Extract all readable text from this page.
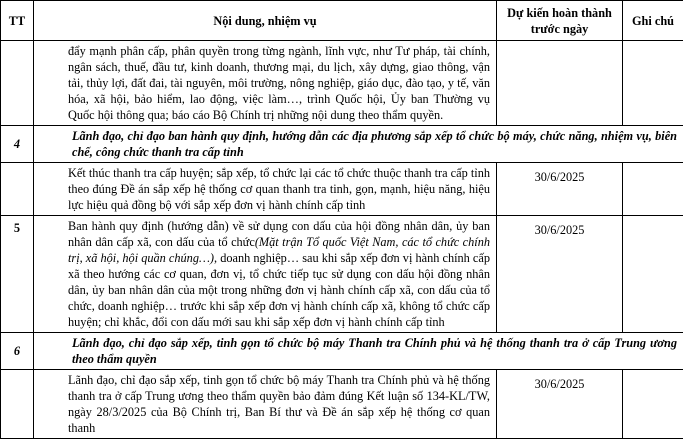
TT	Nội dung, nhiệm vụ	Dự kiến hoàn thành trước ngày	Ghi chú
	đẩy mạnh phân cấp, phân quyền trong từng ngành, lĩnh vực, như Tư pháp, tài chính, ngân sách, thuế, đầu tư, kinh doanh, thương mại, du lịch, xây dựng, giao thông, vận tải, thủy lợi, đất đai, tài nguyên, môi trường, nông nghiệp, giáo dục, đào tạo, y tế, văn hóa, xã hội, bảo hiểm, lao động, việc làm…, trình Quốc hội, Ủy ban Thường vụ Quốc hội thông qua; báo cáo Bộ Chính trị những nội dung theo thẩm quyền.		
4	Lãnh đạo, chỉ đạo ban hành quy định, hướng dẫn các địa phương sắp xếp tổ chức bộ máy, chức năng, nhiệm vụ, biên chế, công chức thanh tra cấp tỉnh		
	Kết thúc thanh tra cấp huyện; sắp xếp, tổ chức lại các tổ chức thuộc thanh tra cấp tỉnh theo đúng Đề án sắp xếp hệ thống cơ quan thanh tra tinh, gọn, mạnh, hiệu năng, hiệu lực hiệu quả đồng bộ với sắp xếp đơn vị hành chính cấp tỉnh	30/6/2025	
5	Ban hành quy định (hướng dẫn) về sử dụng con dấu của hội đồng nhân dân, ủy ban nhân dân cấp xã, con dấu của tổ chức(Mặt trận Tổ quốc Việt Nam, các tổ chức chính trị, xã hội, hội quần chúng…), doanh nghiệp… sau khi sắp xếp đơn vị hành chính cấp xã theo hướng các cơ quan, đơn vị, tổ chức tiếp tục sử dụng con dấu hội đồng nhân dân, ủy ban nhân dân của một trong những đơn vị hành chính cấp xã, con dấu của tổ chức, doanh nghiệp… trước khi sắp xếp đơn vị hành chính cấp xã, không tổ chức cấp huyện; chỉ khắc, đổi con dấu mới sau khi sắp xếp đơn vị hành chính cấp tỉnh	30/6/2025	
6	Lãnh đạo, chỉ đạo sắp xếp, tinh gọn tổ chức bộ máy Thanh tra Chính phủ và hệ thống thanh tra ở cấp Trung ương theo thẩm quyền		
	Lãnh đạo, chỉ đạo sắp xếp, tinh gọn tổ chức bộ máy Thanh tra Chính phủ và hệ thống thanh tra ở cấp Trung ương theo thẩm quyền bảo đảm đúng Kết luận số 134-KL/TW, ngày 28/3/2025 của Bộ Chính trị, Ban Bí thư và Đề án sắp xếp hệ thống cơ quan thanh	30/6/2025	
